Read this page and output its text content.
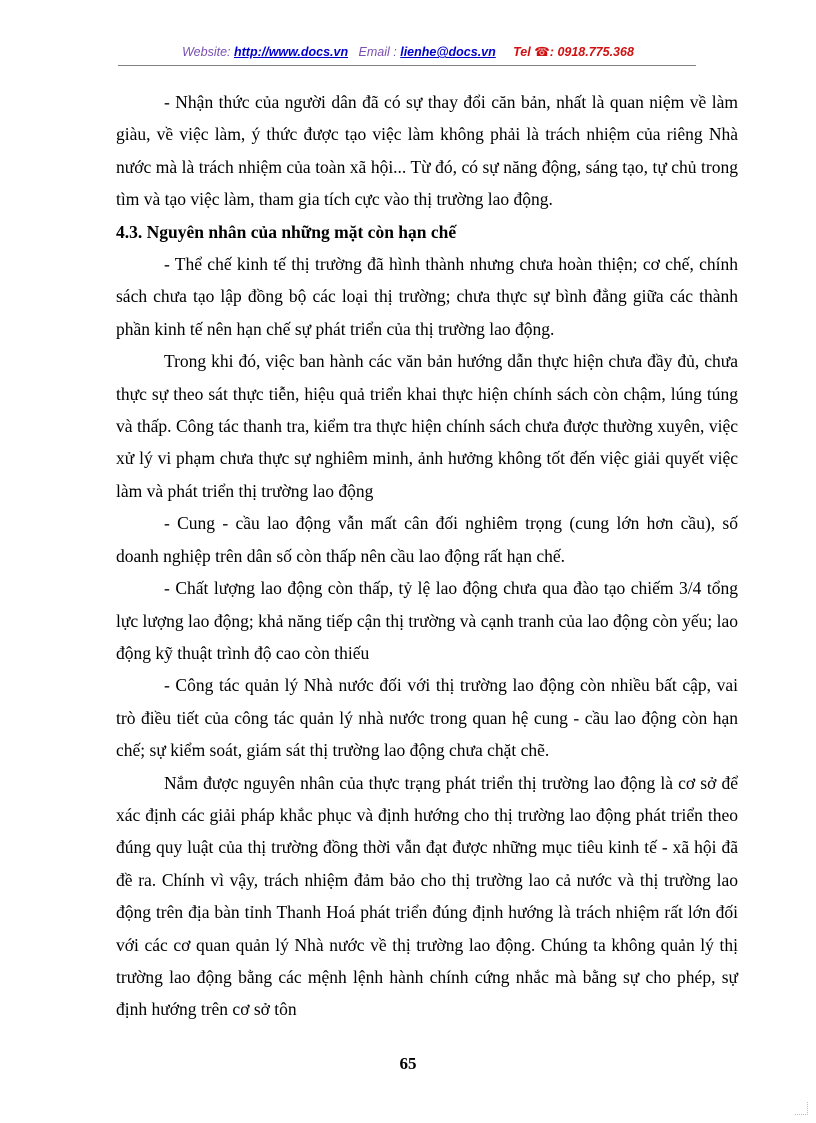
Website: http://www.docs.vn Email : lienhe@docs.vn Tel ☎: 0918.775.368

- Nhận thức của người dân đã có sự thay đổi căn bản, nhất là quan niệm về làm giàu, về việc làm, ý thức được tạo việc làm không phải là trách nhiệm của riêng Nhà nước mà là trách nhiệm của toàn xã hội... Từ đó, có sự năng động, sáng tạo, tự chủ trong tìm và tạo việc làm, tham gia tích cực vào thị trường lao động.

4.3. Nguyên nhân của những mặt còn hạn chế

- Thể chế kinh tế thị trường đã hình thành nhưng chưa hoàn thiện; cơ chế, chính sách chưa tạo lập đồng bộ các loại thị trường; chưa thực sự bình đẳng giữa các thành phần kinh tế nên hạn chế sự phát triển của thị trường lao động.

Trong khi đó, việc ban hành các văn bản hướng dẫn thực hiện chưa đầy đủ, chưa thực sự theo sát thực tiễn, hiệu quả triển khai thực hiện chính sách còn chậm, lúng túng và thấp. Công tác thanh tra, kiểm tra thực hiện chính sách chưa được thường xuyên, việc xử lý vi phạm chưa thực sự nghiêm minh, ảnh hưởng không tốt đến việc giải quyết việc làm và phát triển thị trường lao động

- Cung - cầu lao động vẫn mất cân đối nghiêm trọng (cung lớn hơn cầu), số doanh nghiệp trên dân số còn thấp nên cầu lao động rất hạn chế.

- Chất lượng lao động còn thấp, tỷ lệ lao động chưa qua đào tạo chiếm 3/4 tổng lực lượng lao động; khả năng tiếp cận thị trường và cạnh tranh của lao động còn yếu; lao động kỹ thuật trình độ cao còn thiếu

- Công tác quản lý Nhà nước đối với thị trường lao động còn nhiều bất cập, vai trò điều tiết của công tác quản lý nhà nước trong quan hệ cung - cầu lao động còn hạn chế; sự kiểm soát, giám sát thị trường lao động chưa chặt chẽ.

Nắm được nguyên nhân của thực trạng phát triển thị trường lao động là cơ sở để xác định các giải pháp khắc phục và định hướng cho thị trường lao động phát triển theo đúng quy luật của thị trường đồng thời vẫn đạt được những mục tiêu kinh tế - xã hội đã đề ra. Chính vì vậy, trách nhiệm đảm bảo cho thị trường lao cả nước và thị trường lao động trên địa bàn tỉnh Thanh Hoá phát triển đúng định hướng là trách nhiệm rất lớn đối với các cơ quan quản lý Nhà nước về thị trường lao động. Chúng ta không quản lý thị trường lao động bằng các mệnh lệnh hành chính cứng nhắc mà bằng sự cho phép, sự định hướng trên cơ sở tôn

65
